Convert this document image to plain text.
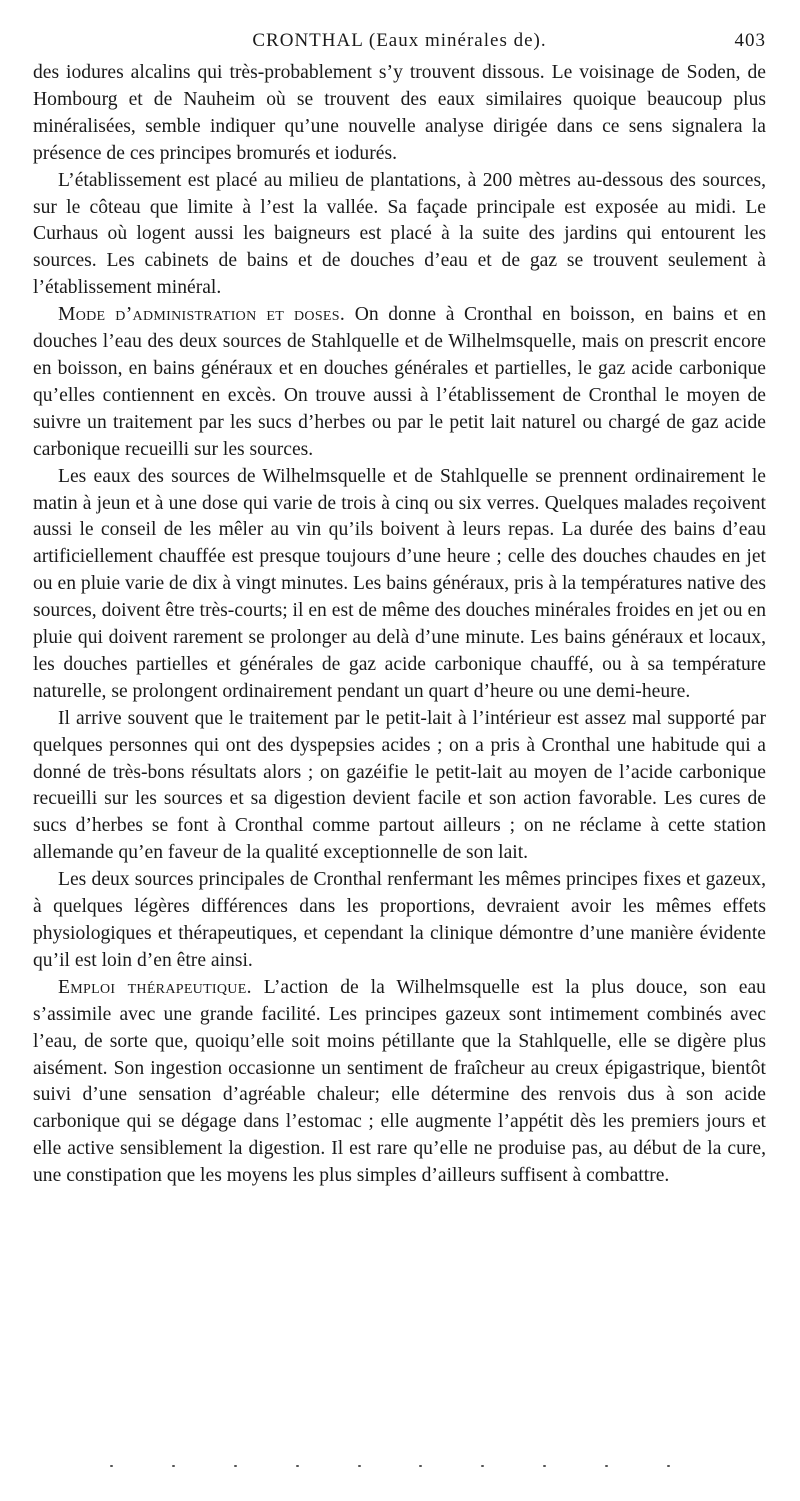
CRONTHAL (Eaux minérales de).	403

des iodures alcalins qui très-probablement s’y trouvent dissous. Le voisinage de Soden, de Hombourg et de Nauheim où se trouvent des eaux similaires quoique beaucoup plus minéralisées, semble indiquer qu’une nouvelle analyse dirigée dans ce sens signalera la présence de ces principes bromurés et iodurés.

L’établissement est placé au milieu de plantations, à 200 mètres au-dessous des sources, sur le côteau que limite à l’est la vallée. Sa façade principale est exposée au midi. Le Curhaus où logent aussi les baigneurs est placé à la suite des jardins qui entourent les sources. Les cabinets de bains et de douches d’eau et de gaz se trouvent seulement à l’établissement minéral.

Mode d’administration et doses. On donne à Cronthal en boisson, en bains et en douches l’eau des deux sources de Stahlquelle et de Wilhelmsquelle, mais on prescrit encore en boisson, en bains généraux et en douches générales et partielles, le gaz acide carbonique qu’elles contiennent en excès. On trouve aussi à l’établissement de Cronthal le moyen de suivre un traitement par les sucs d’herbes ou par le petit lait naturel ou chargé de gaz acide carbonique recueilli sur les sources.

Les eaux des sources de Wilhelmsquelle et de Stahlquelle se prennent ordinairement le matin à jeun et à une dose qui varie de trois à cinq ou six verres. Quelques malades reçoivent aussi le conseil de les mêler au vin qu’ils boivent à leurs repas. La durée des bains d’eau artificiellement chauffée est presque toujours d’une heure ; celle des douches chaudes en jet ou en pluie varie de dix à vingt minutes. Les bains généraux, pris à la températures native des sources, doivent être très-courts; il en est de même des douches minérales froides en jet ou en pluie qui doivent rarement se prolonger au delà d’une minute. Les bains généraux et locaux, les douches partielles et générales de gaz acide carbonique chauffé, ou à sa température naturelle, se prolongent ordinairement pendant un quart d’heure ou une demi-heure.

Il arrive souvent que le traitement par le petit-lait à l’intérieur est assez mal supporté par quelques personnes qui ont des dyspepsies acides ; on a pris à Cronthal une habitude qui a donné de très-bons résultats alors ; on gazéifie le petit-lait au moyen de l’acide carbonique recueilli sur les sources et sa digestion devient facile et son action favorable. Les cures de sucs d’herbes se font à Cronthal comme partout ailleurs ; on ne réclame à cette station allemande qu’en faveur de la qualité exceptionnelle de son lait.

Les deux sources principales de Cronthal renfermant les mêmes principes fixes et gazeux, à quelques légères différences dans les proportions, devraient avoir les mêmes effets physiologiques et thérapeutiques, et cependant la clinique démontre d’une manière évidente qu’il est loin d’en être ainsi.

Emploi thérapeutique. L’action de la Wilhelmsquelle est la plus douce, son eau s’assimile avec une grande facilité. Les principes gazeux sont intimement combinés avec l’eau, de sorte que, quoiqu’elle soit moins pétillante que la Stahlquelle, elle se digère plus aisément. Son ingestion occasionne un sentiment de fraîcheur au creux épigastrique, bientôt suivi d’une sensation d’agréable chaleur; elle détermine des renvois dus à son acide carbonique qui se dégage dans l’estomac ; elle augmente l’appétit dès les premiers jours et elle active sensiblement la digestion. Il est rare qu’elle ne produise pas, au début de la cure, une constipation que les moyens les plus simples d’ailleurs suffisent à combattre.
